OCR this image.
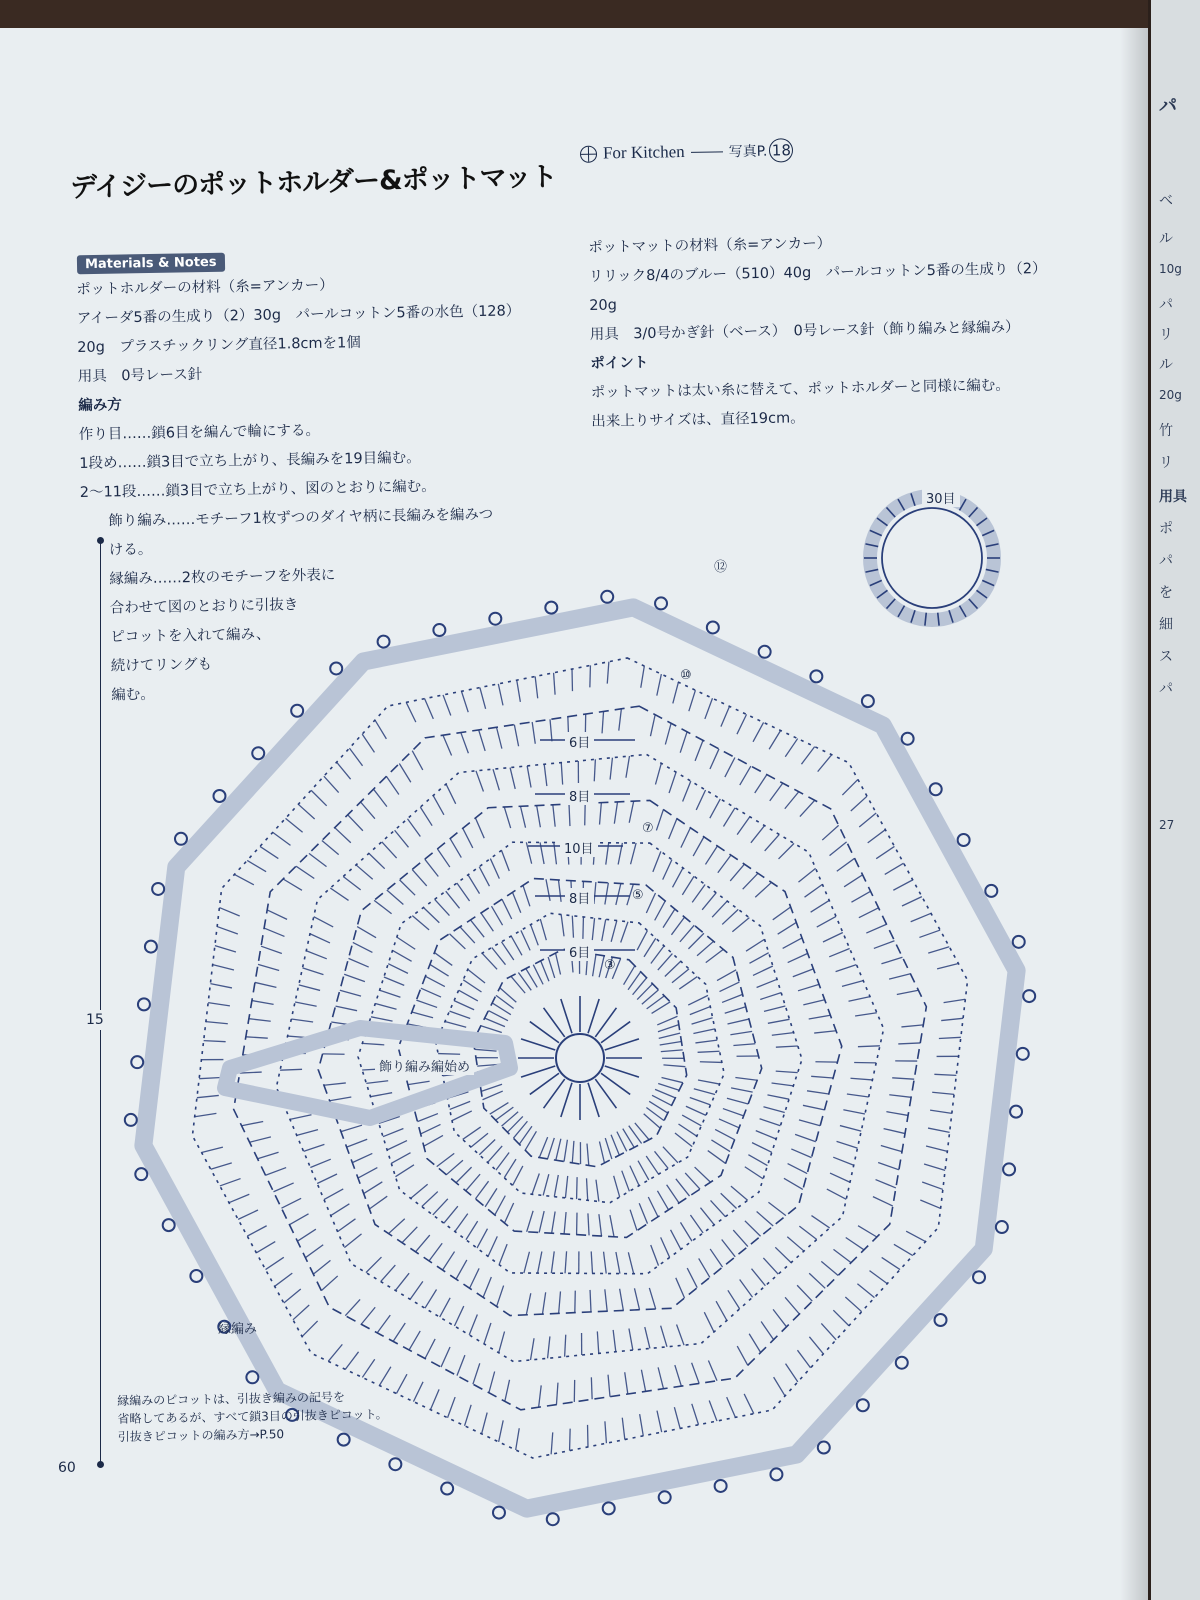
デイジーのポットホルダー&ポットマット
For Kitchen	写真P. 18
Materials & Notes
ポットホルダーの材料（糸=アンカー）
アイーダ5番の生成り（2）30g　パールコットン5番の水色（128）
20g　プラスチックリング直径1.8cmを1個
用具　0号レース針
編み方
作り目……鎖6目を編んで輪にする。
1段め……鎖3目で立ち上がり、長編みを19目編む。
2〜11段……鎖3目で立ち上がり、図のとおりに編む。
飾り編み……モチーフ1枚ずつのダイヤ柄に長編みを編みつ
ける。
縁編み……2枚のモチーフを外表に
合わせて図のとおりに引抜き
ピコットを入れて編み、
続けてリングも
編む。
ポットマットの材料（糸=アンカー）
リリック8/4のブルー（510）40g　パールコットン5番の生成り（2）
20g
用具　3/0号かぎ針（ベース）　0号レース針（飾り編みと縁編み）
ポイント
ポットマットは太い糸に替えて、ポットホルダーと同様に編む。
出来上りサイズは、直径19cm。
15
30目
⑫
⑩
⑦
⑤
③
6目
8目
10目
8目
6目
飾り編み編始め
縁編み
縁編みのピコットは、引抜き編みの記号を
省略してあるが、すべて鎖3目の引抜きピコット。
引抜きピコットの編み方→P.50
60
パ
ベ
ル
10g
パ
リ
ル
20g
竹
リ
用具
ポ
パ
を
細
ス
パ
27
